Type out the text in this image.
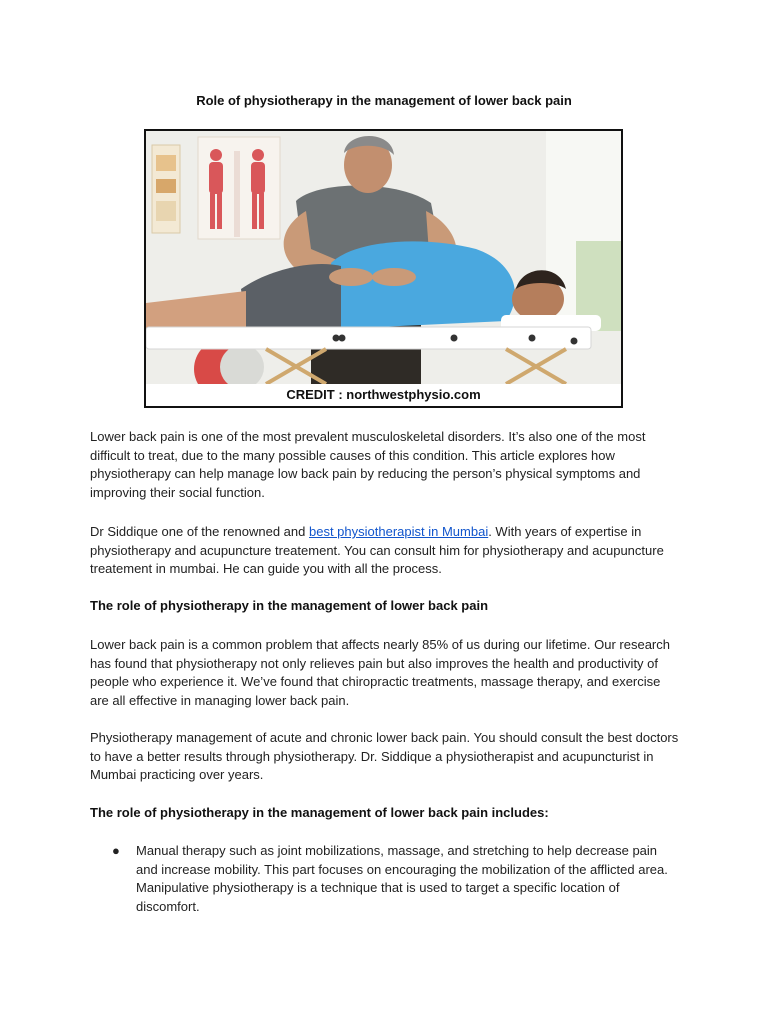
Role of physiotherapy in the management of lower back pain
CREDIT : northwestphysio.com

Lower back pain is one of the most prevalent musculoskeletal disorders. It’s also one of the most difficult to treat, due to the many possible causes of this condition. This article explores how physiotherapy can help manage low back pain by reducing the person’s physical symptoms and improving their social function.

Dr Siddique one of the renowned and best physiotherapist in Mumbai. With years of expertise in physiotherapy and acupuncture treatement. You can consult him for physiotherapy and acupuncture treatement in mumbai. He can guide you with all the process.

The role of physiotherapy in the management of lower back pain

Lower back pain is a common problem that affects nearly 85% of us during our lifetime. Our research has found that physiotherapy not only relieves pain but also improves the health and productivity of people who experience it. We’ve found that chiropractic treatments, massage therapy, and exercise are all effective in managing lower back pain.

Physiotherapy management of acute and chronic lower back pain. You should consult the best doctors to have a better results through physiotherapy. Dr. Siddique a physiotherapist and acupuncturist in Mumbai practicing over years.

The role of physiotherapy in the management of lower back pain includes:

● Manual therapy such as joint mobilizations, massage, and stretching to help decrease pain and increase mobility. This part focuses on encouraging the mobilization of the afflicted area. Manipulative physiotherapy is a technique that is used to target a specific location of discomfort.
